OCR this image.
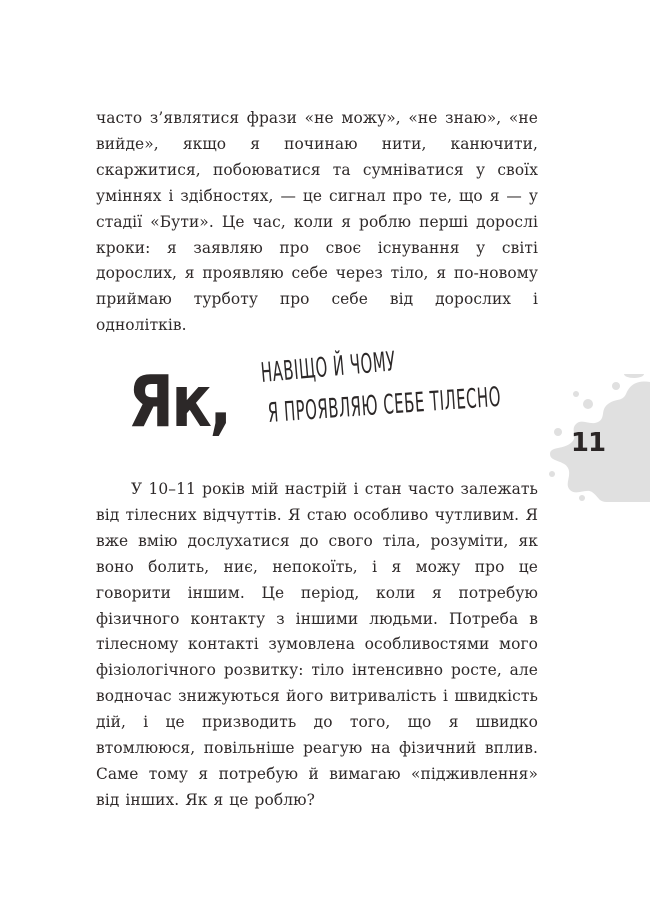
часто з’являтися фрази «не можу», «не знаю», «не вийде», якщо я починаю нити, канючити, скаржитися, побоюватися та сумніватися у своїх уміннях і здібностях, — це сигнал про те, що я — у стадії «Бути». Це час, коли я роблю перші дорослі кроки: я заявляю про своє існування у світі дорослих, я проявляю себе через тіло, я по-новому приймаю турботу про себе від дорослих і однолітків.

Як, НАВІЩО Й ЧОМУ
Я ПРОЯВЛЯЮ СЕБЕ ТІЛЕСНО
11

У 10–11 років мій настрій і стан часто залежать від тілесних відчуттів. Я стаю особливо чутливим. Я вже вмію дослухатися до свого тіла, розуміти, як воно болить, ниє, непокоїть, і я можу про це говорити іншим. Це період, коли я потребую фізичного контакту з іншими людьми. Потреба в тілесному контакті зумовлена особливостями мого фізіологічного розвитку: тіло інтенсивно росте, але водночас знижуються його витривалість і швидкість дій, і це призводить до того, що я швидко втомлююся, повільніше реагую на фізичний вплив. Саме тому я потребую й вимагаю «підживлення» від інших. Як я це роблю?
